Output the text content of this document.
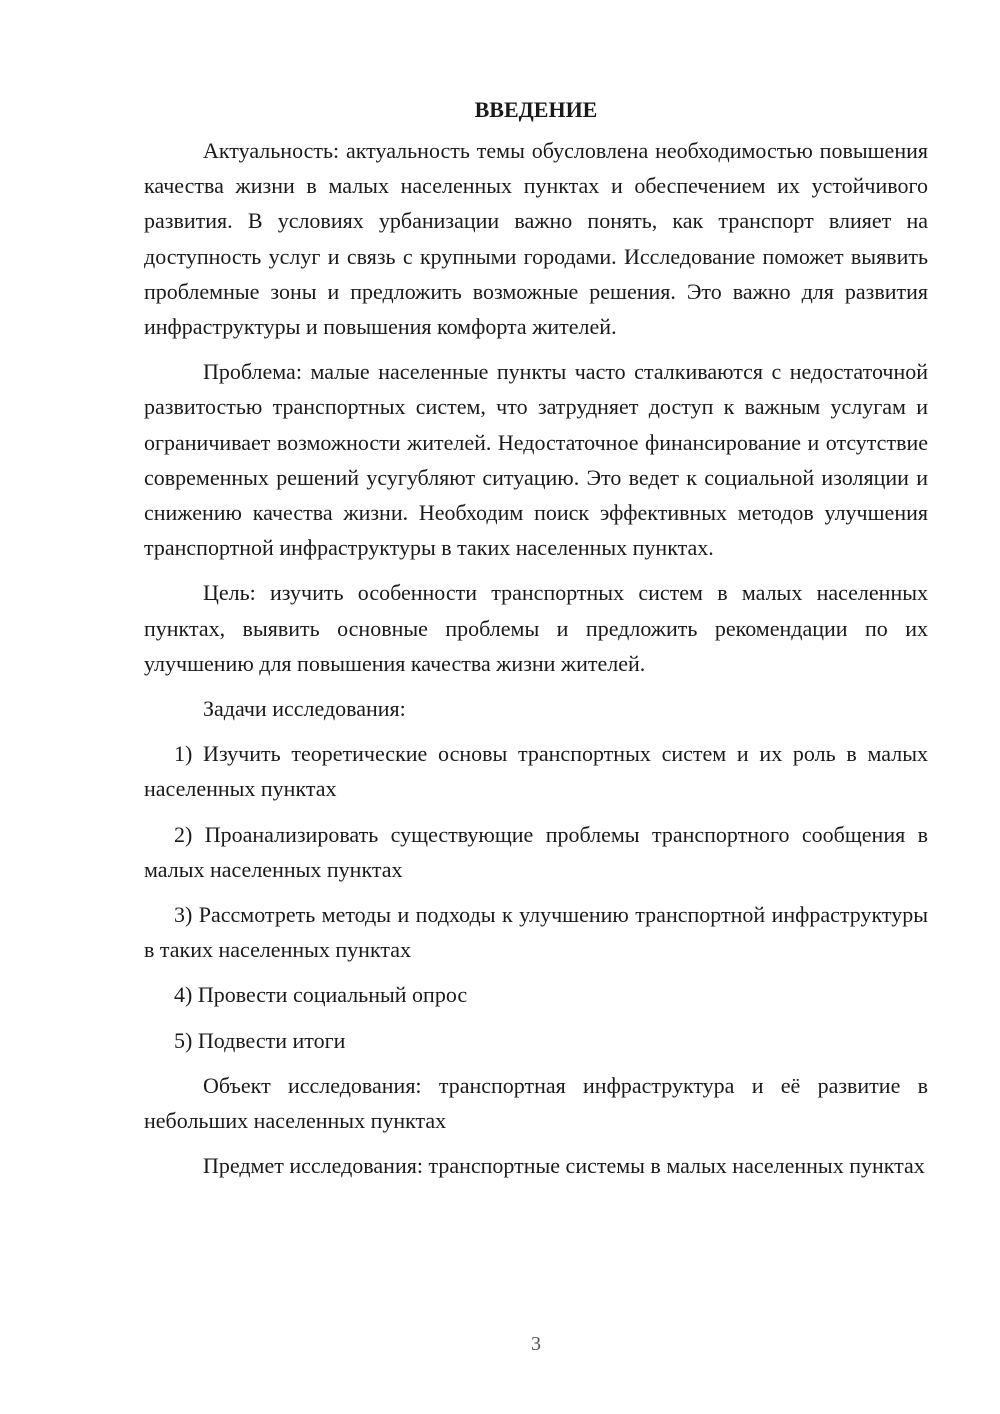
ВВЕДЕНИЕ

Актуальность: актуальность темы обусловлена необходимостью повышения качества жизни в малых населенных пунктах и обеспечением их устойчивого развития. В условиях урбанизации важно понять, как транспорт влияет на доступность услуг и связь с крупными городами. Исследование поможет выявить проблемные зоны и предложить возможные решения. Это важно для развития инфраструктуры и повышения комфорта жителей.

Проблема: малые населенные пункты часто сталкиваются с недостаточной развитостью транспортных систем, что затрудняет доступ к важным услугам и ограничивает возможности жителей. Недостаточное финансирование и отсутствие современных решений усугубляют ситуацию. Это ведет к социальной изоляции и снижению качества жизни. Необходим поиск эффективных методов улучшения транспортной инфраструктуры в таких населенных пунктах.

Цель: изучить особенности транспортных систем в малых населенных пунктах, выявить основные проблемы и предложить рекомендации по их улучшению для повышения качества жизни жителей.

Задачи исследования:

1) Изучить теоретические основы транспортных систем и их роль в малых населенных пунктах

2) Проанализировать существующие проблемы транспортного сообщения в малых населенных пунктах

3) Рассмотреть методы и подходы к улучшению транспортной инфраструктуры в таких населенных пунктах

4) Провести социальный опрос

5) Подвести итоги

Объект исследования: транспортная инфраструктура и её развитие в небольших населенных пунктах

Предмет исследования: транспортные системы в малых населенных пунктах

3
